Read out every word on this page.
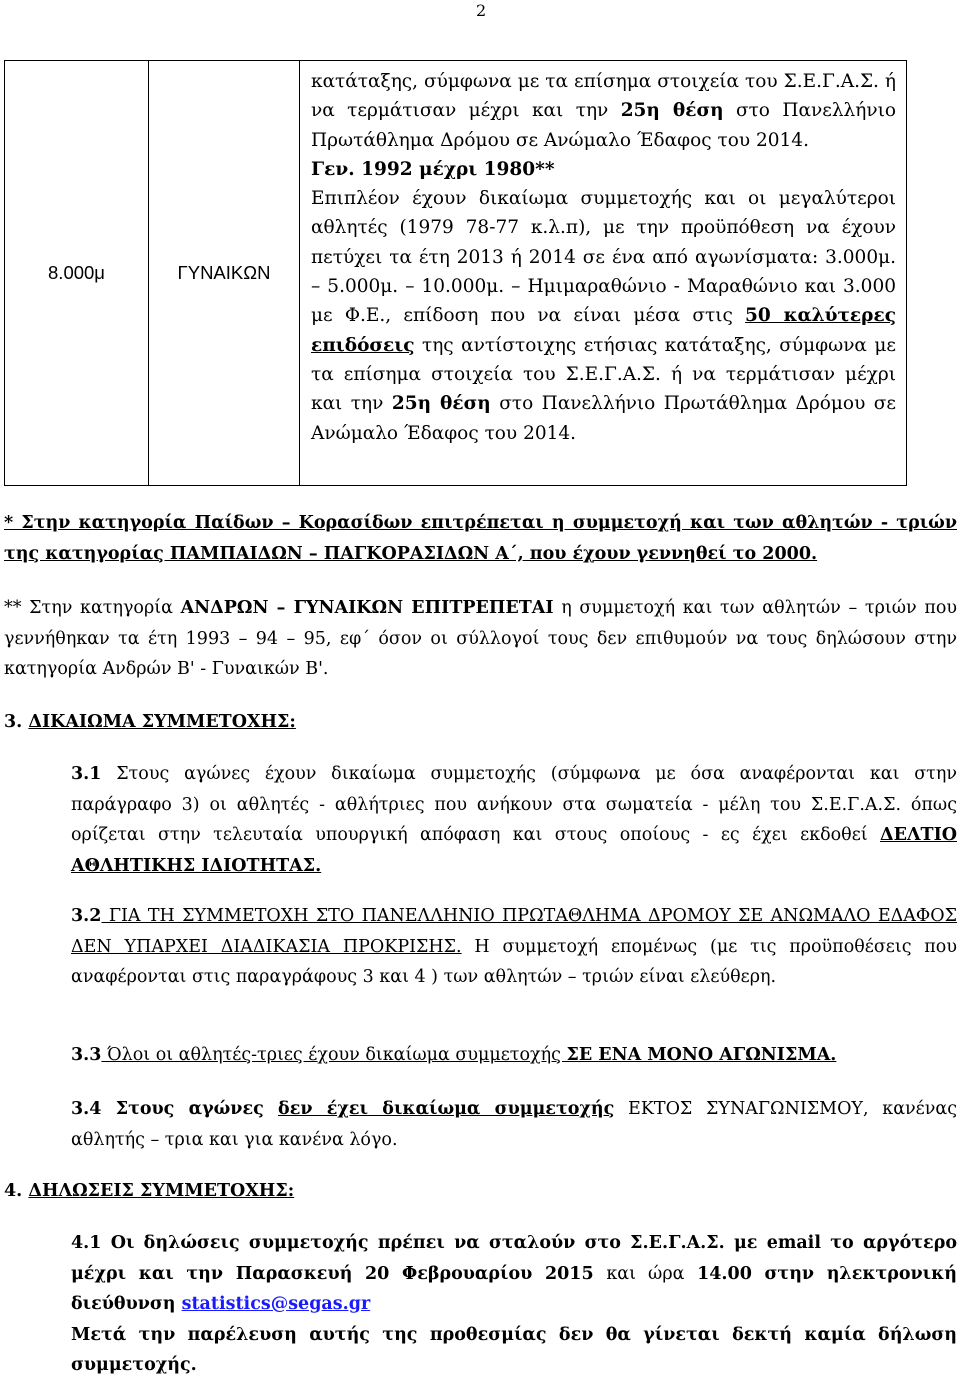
2
8.000μ	ΓΥΝΑΙΚΩΝ	κατάταξης, σύμφωνα με τα επίσημα στοιχεία του Σ.Ε.Γ.Α.Σ. ή να τερμάτισαν μέχρι και την 25η θέση στο Πανελλήνιο Πρωτάθλημα Δρόμου σε Ανώμαλο Έδαφος του 2014.
Γεν. 1992 μέχρι 1980**
Επιπλέον έχουν δικαίωμα συμμετοχής και οι μεγαλύτεροι αθλητές (1979 78-77 κ.λ.π), με την προϋπόθεση να έχουν πετύχει τα έτη 2013 ή 2014 σε ένα από αγωνίσματα: 3.000μ. – 5.000μ. – 10.000μ. – Ημιμαραθώνιο - Μαραθώνιο και 3.000 με Φ.Ε., επίδοση που να είναι μέσα στις 50 καλύτερες επιδόσεις της αντίστοιχης ετήσιας κατάταξης, σύμφωνα με τα επίσημα στοιχεία του Σ.Ε.Γ.Α.Σ. ή να τερμάτισαν μέχρι και την 25η θέση στο Πανελλήνιο Πρωτάθλημα Δρόμου σε Ανώμαλο Έδαφος του 2014.

* Στην κατηγορία Παίδων – Κορασίδων επιτρέπεται η συμμετοχή και των αθλητών - τριών της κατηγορίας ΠΑΜΠΑΙΔΩΝ – ΠΑΓΚΟΡΑΣΙΔΩΝ Α΄, που έχουν γεννηθεί το 2000.

** Στην κατηγορία ΑΝΔΡΩΝ – ΓΥΝΑΙΚΩΝ ΕΠΙΤΡΕΠΕΤΑΙ η συμμετοχή και των αθλητών – τριών που γεννήθηκαν τα έτη 1993 – 94 – 95, εφ΄ όσον οι σύλλογοί τους δεν επιθυμούν να τους δηλώσουν στην κατηγορία Ανδρών Β' - Γυναικών Β'.

3. ΔΙΚΑΙΩΜΑ ΣΥΜΜΕΤΟΧΗΣ:

3.1 Στους αγώνες έχουν δικαίωμα συμμετοχής (σύμφωνα με όσα αναφέρονται και στην παράγραφο 3) οι αθλητές - αθλήτριες που ανήκουν στα σωματεία - μέλη του Σ.Ε.Γ.Α.Σ. όπως ορίζεται στην τελευταία υπουργική απόφαση και στους οποίους - ες έχει εκδοθεί ΔΕΛΤΙΟ ΑΘΛΗΤΙΚΗΣ ΙΔΙΟΤΗΤΑΣ.

3.2 ΓΙΑ ΤΗ ΣΥΜΜΕΤΟΧΗ ΣΤΟ ΠΑΝΕΛΛΗΝΙΟ ΠΡΩΤΑΘΛΗΜΑ ΔΡΟΜΟΥ ΣΕ ΑΝΩΜΑΛΟ ΕΔΑΦΟΣ ΔΕΝ ΥΠΑΡΧΕΙ ΔΙΑΔΙΚΑΣΙΑ ΠΡΟΚΡΙΣΗΣ. Η συμμετοχή επομένως (με τις προϋποθέσεις που αναφέρονται στις παραγράφους 3 και 4 ) των αθλητών – τριών είναι ελεύθερη.

3.3 Όλοι οι αθλητές-τριες έχουν δικαίωμα συμμετοχής ΣΕ ΕΝΑ ΜΟΝΟ ΑΓΩΝΙΣΜΑ.

3.4 Στους αγώνες δεν έχει δικαίωμα συμμετοχής ΕΚΤΟΣ ΣΥΝΑΓΩΝΙΣΜΟΥ, κανένας αθλητής – τρια και για κανένα λόγο.

4. ΔΗΛΩΣΕΙΣ ΣΥΜΜΕΤΟΧΗΣ:

4.1 Οι δηλώσεις συμμετοχής πρέπει να σταλούν στο Σ.Ε.Γ.Α.Σ. με email το αργότερο μέχρι και την Παρασκευή 20 Φεβρουαρίου 2015 και ώρα 14.00 στην ηλεκτρονική διεύθυνση statistics@segas.gr
Μετά την παρέλευση αυτής της προθεσμίας δεν θα γίνεται δεκτή καμία δήλωση συμμετοχής.
